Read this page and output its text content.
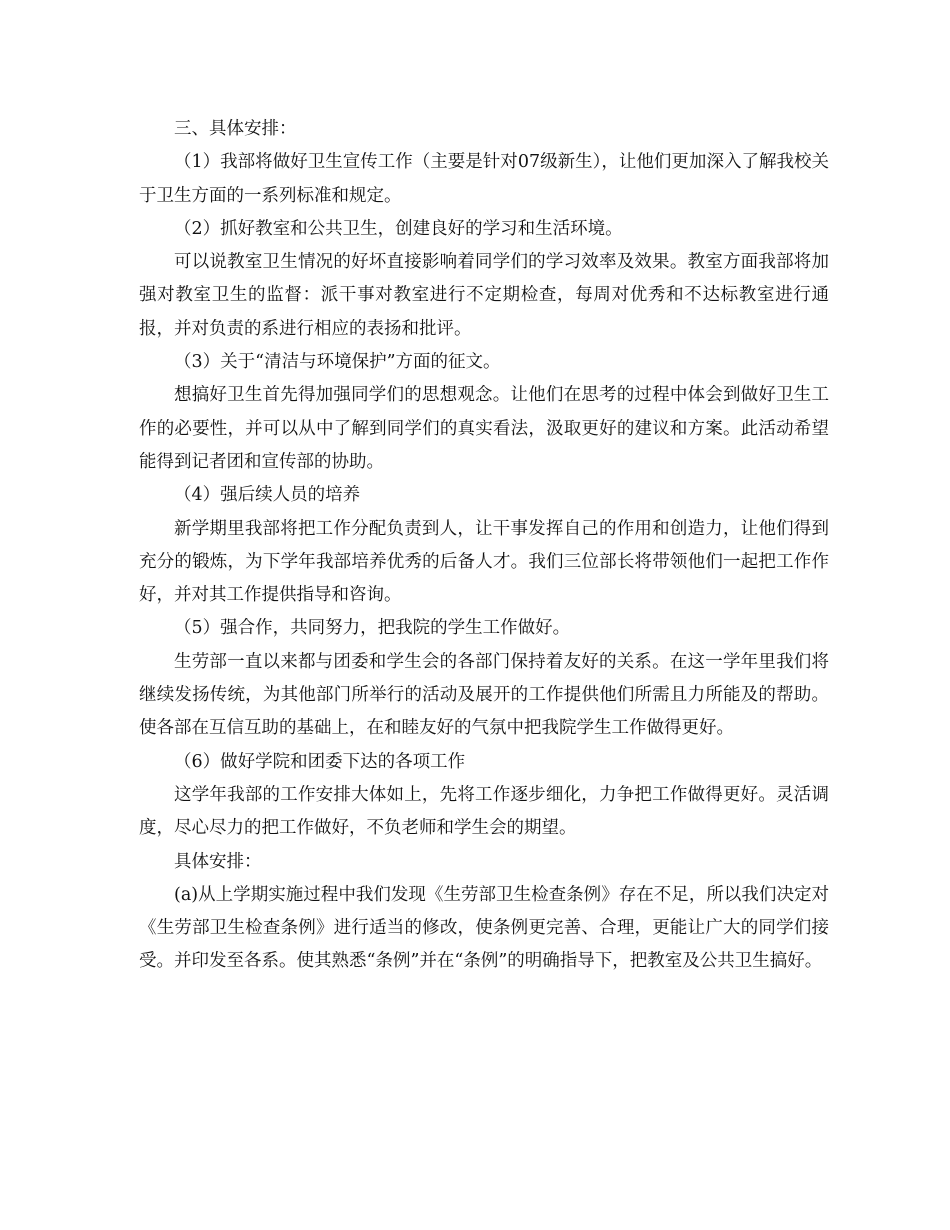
三、具体安排：

（1）我部将做好卫生宣传工作（主要是针对07级新生），让他们更加深入了解我校关于卫生方面的一系列标准和规定。

（2）抓好教室和公共卫生，创建良好的学习和生活环境。

可以说教室卫生情况的好坏直接影响着同学们的学习效率及效果。教室方面我部将加强对教室卫生的监督：派干事对教室进行不定期检查，每周对优秀和不达标教室进行通报，并对负责的系进行相应的表扬和批评。

（3）关于“清洁与环境保护”方面的征文。

想搞好卫生首先得加强同学们的思想观念。让他们在思考的过程中体会到做好卫生工作的必要性，并可以从中了解到同学们的真实看法，汲取更好的建议和方案。此活动希望能得到记者团和宣传部的协助。

（4）强后续人员的培养

新学期里我部将把工作分配负责到人，让干事发挥自己的作用和创造力，让他们得到充分的锻炼，为下学年我部培养优秀的后备人才。我们三位部长将带领他们一起把工作作好，并对其工作提供指导和咨询。

（5）强合作，共同努力，把我院的学生工作做好。

生劳部一直以来都与团委和学生会的各部门保持着友好的关系。在这一学年里我们将继续发扬传统，为其他部门所举行的活动及展开的工作提供他们所需且力所能及的帮助。使各部在互信互助的基础上，在和睦友好的气氛中把我院学生工作做得更好。

（6）做好学院和团委下达的各项工作

这学年我部的工作安排大体如上，先将工作逐步细化，力争把工作做得更好。灵活调度，尽心尽力的把工作做好，不负老师和学生会的期望。

具体安排：

(a)从上学期实施过程中我们发现《生劳部卫生检查条例》存在不足，所以我们决定对《生劳部卫生检查条例》进行适当的修改，使条例更完善、合理，更能让广大的同学们接受。并印发至各系。使其熟悉“条例”并在“条例”的明确指导下，把教室及公共卫生搞好。
